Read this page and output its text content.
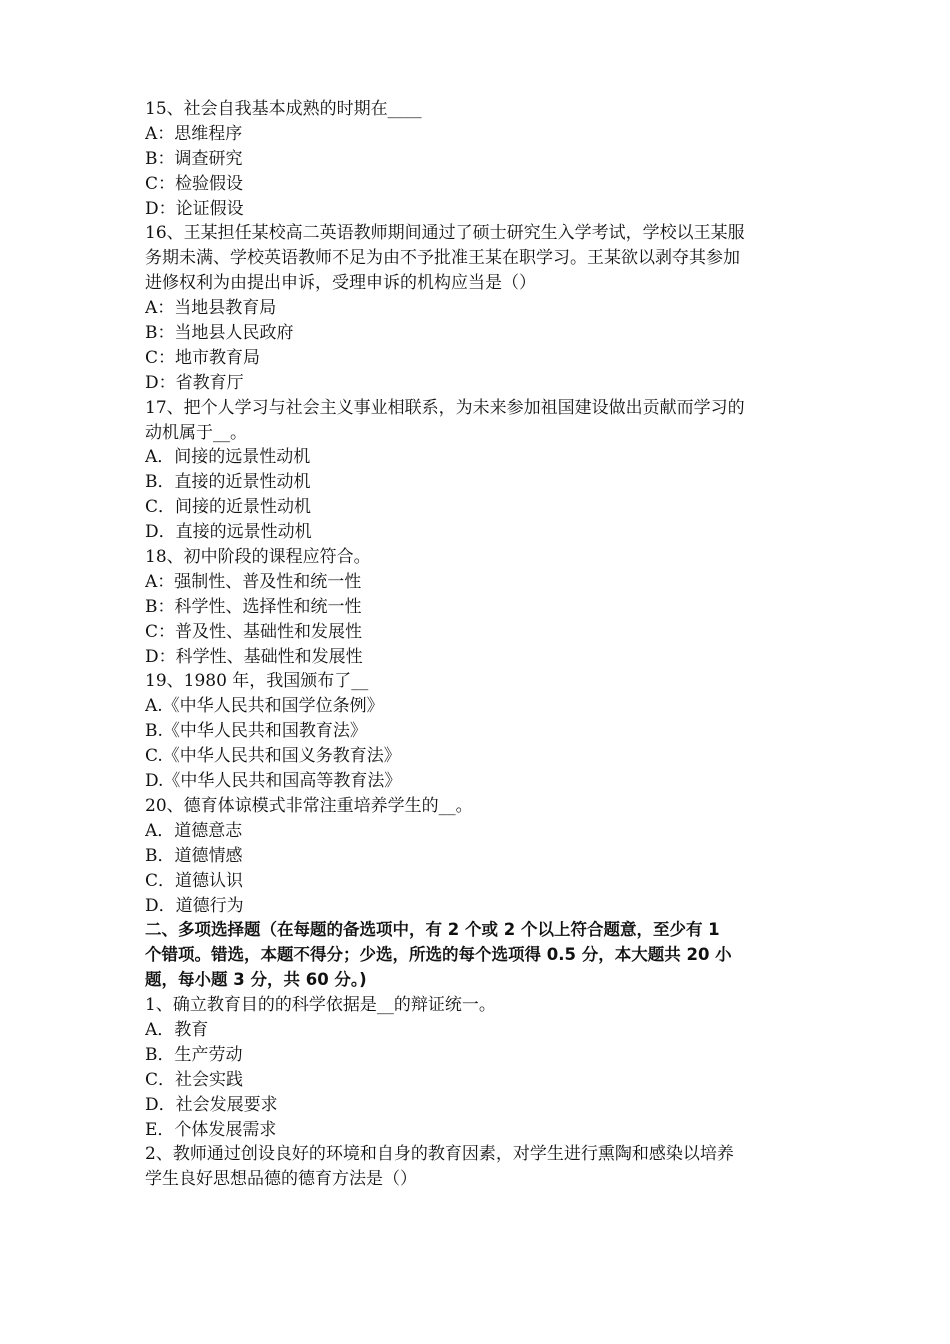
15、社会自我基本成熟的时期在____
A：思维程序
B：调查研究
C：检验假设
D：论证假设
16、王某担任某校高二英语教师期间通过了硕士研究生入学考试，学校以王某服
务期未满、学校英语教师不足为由不予批准王某在职学习。王某欲以剥夺其参加
进修权利为由提出申诉，受理申诉的机构应当是（）
A：当地县教育局
B：当地县人民政府
C：地市教育局
D：省教育厅
17、把个人学习与社会主义事业相联系，为未来参加祖国建设做出贡献而学习的
动机属于__。
A．间接的远景性动机
B．直接的近景性动机
C．间接的近景性动机
D．直接的远景性动机
18、初中阶段的课程应符合。
A：强制性、普及性和统一性
B：科学性、选择性和统一性
C：普及性、基础性和发展性
D：科学性、基础性和发展性
19、1980 年，我国颁布了__
A.《中华人民共和国学位条例》
B.《中华人民共和国教育法》
C.《中华人民共和国义务教育法》
D.《中华人民共和国高等教育法》
20、德育体谅模式非常注重培养学生的__。
A．道德意志
B．道德情感
C．道德认识
D．道德行为
二、多项选择题（在每题的备选项中，有 2 个或 2 个以上符合题意，至少有 1
个错项。错选，本题不得分；少选，所选的每个选项得 0.5 分，本大题共 20 小
题，每小题 3 分，共 60 分。)
1、确立教育目的的科学依据是__的辩证统一。
A．教育
B．生产劳动
C．社会实践
D．社会发展要求
E．个体发展需求
2、教师通过创设良好的环境和自身的教育因素，对学生进行熏陶和感染以培养
学生良好思想品德的德育方法是（）
